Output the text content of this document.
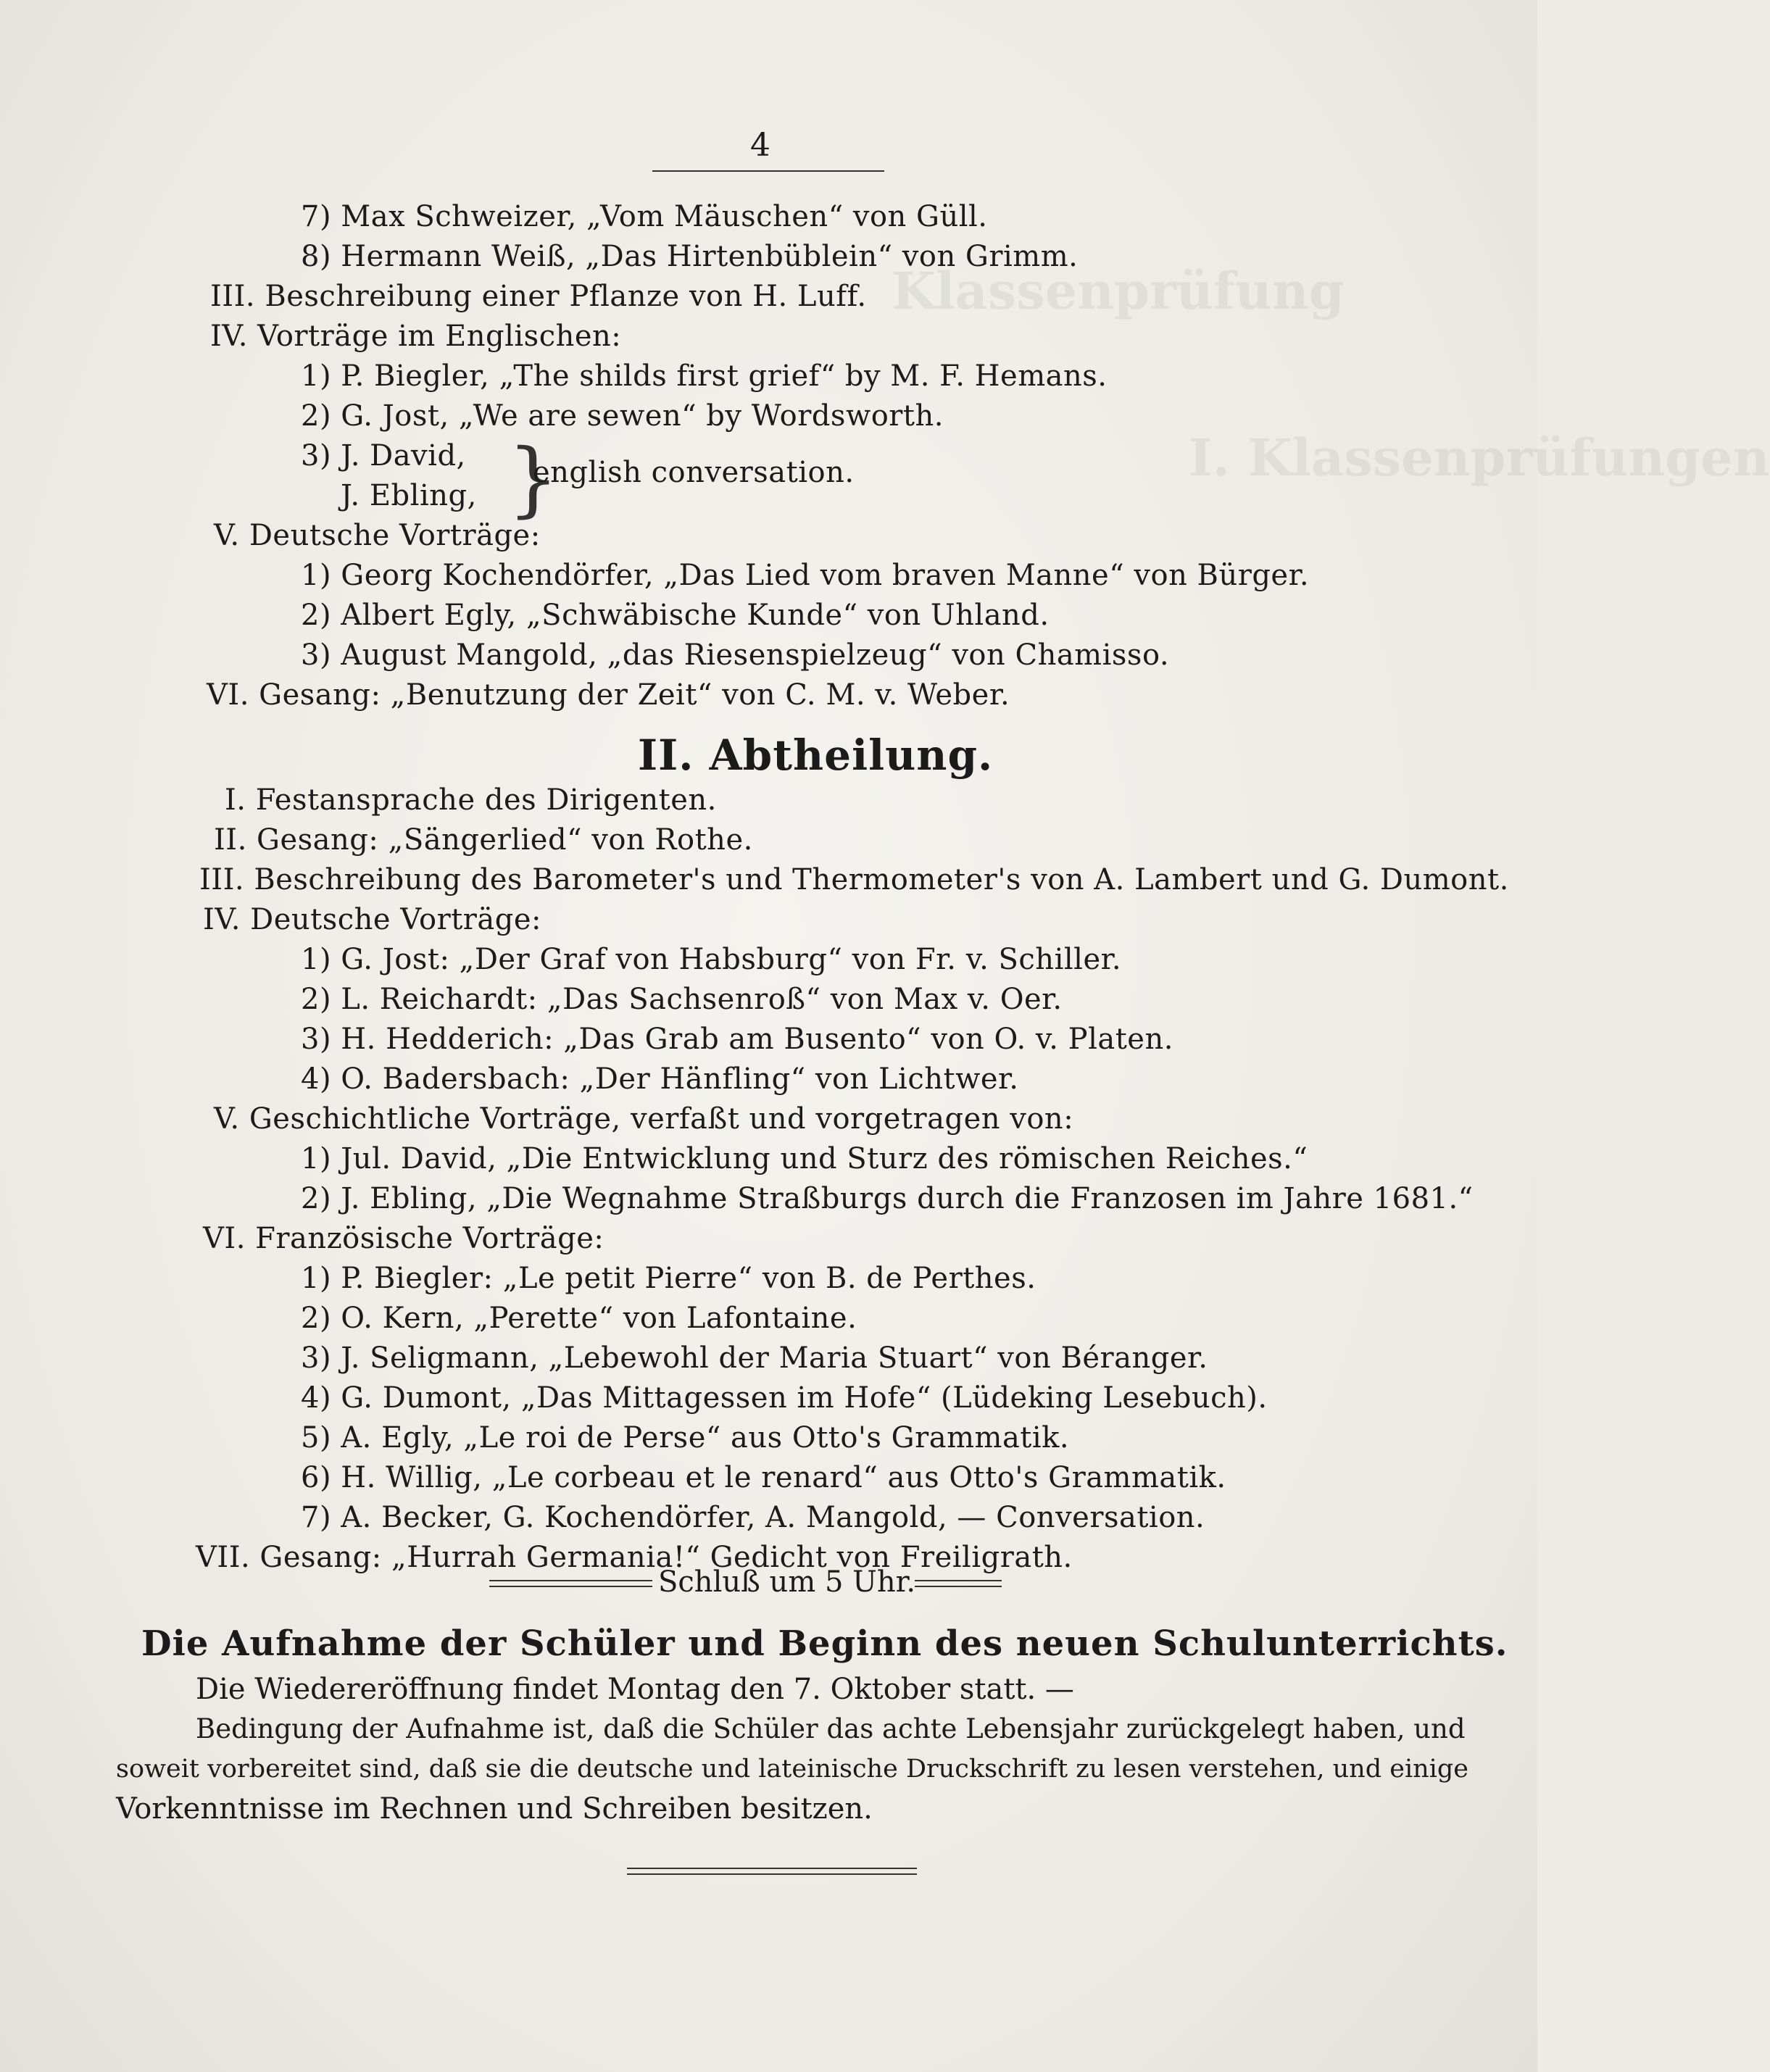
Klassenprüfung
I. Klassenprüfungen
4
7) Max Schweizer, „Vom Mäuschen“ von Güll.
8) Hermann Weiß, „Das Hirtenbüblein“ von Grimm.
III. Beschreibung einer Pflanze von H. Luff.
IV. Vorträge im Englischen:
1) P. Biegler, „The shilds first grief“ by M. F. Hemans.
2) G. Jost, „We are sewen“ by Wordsworth.
3) J. David, }
english conversation.
J. Ebling,
V. Deutsche Vorträge:
1) Georg Kochendörfer, „Das Lied vom braven Manne“ von Bürger.
2) Albert Egly, „Schwäbische Kunde“ von Uhland.
3) August Mangold, „das Riesenspielzeug“ von Chamisso.
VI. Gesang: „Benutzung der Zeit“ von C. M. v. Weber.
II. Abtheilung.
I. Festansprache des Dirigenten.
II. Gesang: „Sängerlied“ von Rothe.
III. Beschreibung des Barometer's und Thermometer's von A. Lambert und G. Dumont.
IV. Deutsche Vorträge:
1) G. Jost: „Der Graf von Habsburg“ von Fr. v. Schiller.
2) L. Reichardt: „Das Sachsenroß“ von Max v. Oer.
3) H. Hedderich: „Das Grab am Busento“ von O. v. Platen.
4) O. Badersbach: „Der Hänfling“ von Lichtwer.
V. Geschichtliche Vorträge, verfaßt und vorgetragen von:
1) Jul. David, „Die Entwicklung und Sturz des römischen Reiches.“
2) J. Ebling, „Die Wegnahme Straßburgs durch die Franzosen im Jahre 1681.“
VI. Französische Vorträge:
1) P. Biegler: „Le petit Pierre“ von B. de Perthes.
2) O. Kern, „Perette“ von Lafontaine.
3) J. Seligmann, „Lebewohl der Maria Stuart“ von Béranger.
4) G. Dumont, „Das Mittagessen im Hofe“ (Lüdeking Lesebuch).
5) A. Egly, „Le roi de Perse“ aus Otto's Grammatik.
6) H. Willig, „Le corbeau et le renard“ aus Otto's Grammatik.
7) A. Becker, G. Kochendörfer, A. Mangold, — Conversation.
VII. Gesang: „Hurrah Germania!“ Gedicht von Freiligrath.
Schluß um 5 Uhr.
Die Aufnahme der Schüler und Beginn des neuen Schulunterrichts.
Die Wiedereröffnung findet Montag den 7. Oktober statt. —
Bedingung der Aufnahme ist, daß die Schüler das achte Lebensjahr zurückgelegt haben, und
soweit vorbereitet sind, daß sie die deutsche und lateinische Druckschrift zu lesen verstehen, und einige
Vorkenntnisse im Rechnen und Schreiben besitzen.
